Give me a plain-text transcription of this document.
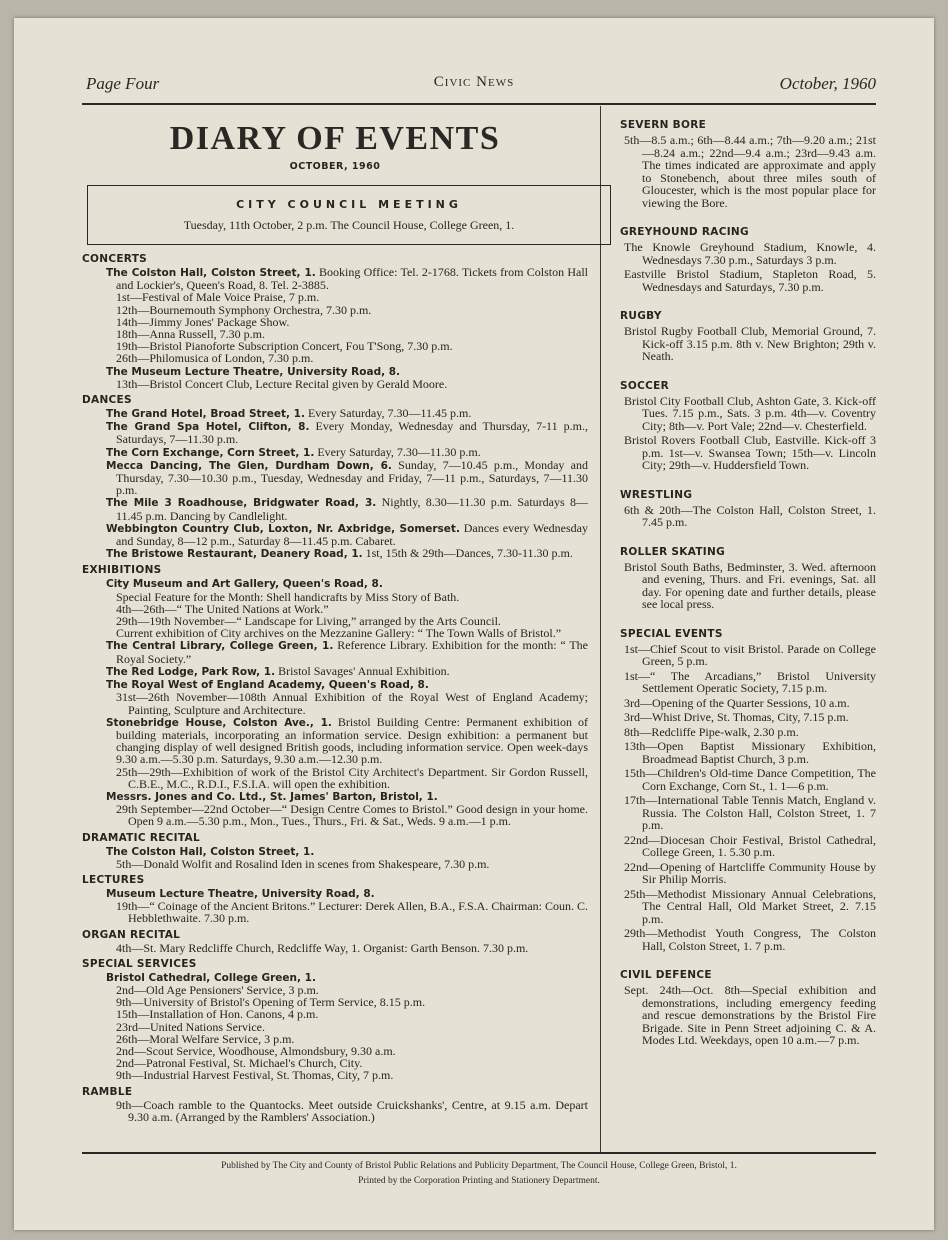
Page Four	Civic News	October, 1960
DIARY OF EVENTS
OCTOBER, 1960
CITY COUNCIL MEETING
Tuesday, 11th October, 2 p.m. The Council House, College Green, 1.
CONCERTS
The Colston Hall, Colston Street, 1. Booking Office: Tel. 2-1768. Tickets from Colston Hall and Lockier's, Queen's Road, 8. Tel. 2-3885.
1st—Festival of Male Voice Praise, 7 p.m.
12th—Bournemouth Symphony Orchestra, 7.30 p.m.
14th—Jimmy Jones' Package Show.
18th—Anna Russell, 7.30 p.m.
19th—Bristol Pianoforte Subscription Concert, Fou T'Song, 7.30 p.m.
26th—Philomusica of London, 7.30 p.m.
The Museum Lecture Theatre, University Road, 8.
13th—Bristol Concert Club, Lecture Recital given by Gerald Moore.
DANCES
The Grand Hotel, Broad Street, 1. Every Saturday, 7.30—11.45 p.m.
The Grand Spa Hotel, Clifton, 8. Every Monday, Wednesday and Thursday, 7-11 p.m., Saturdays, 7—11.30 p.m.
The Corn Exchange, Corn Street, 1. Every Saturday, 7.30—11.30 p.m.
Mecca Dancing, The Glen, Durdham Down, 6. Sunday, 7—10.45 p.m., Monday and Thursday, 7.30—10.30 p.m., Tuesday, Wednesday and Friday, 7—11 p.m., Saturdays, 7—11.30 p.m.
The Mile 3 Roadhouse, Bridgwater Road, 3. Nightly, 8.30—11.30 p.m. Saturdays 8—11.45 p.m. Dancing by Candlelight.
Webbington Country Club, Loxton, Nr. Axbridge, Somerset. Dances every Wednesday and Sunday, 8—12 p.m., Saturday 8—11.45 p.m. Cabaret.
The Bristowe Restaurant, Deanery Road, 1. 1st, 15th & 29th—Dances, 7.30-11.30 p.m.
EXHIBITIONS
City Museum and Art Gallery, Queen's Road, 8.
Special Feature for the Month: Shell handicrafts by Miss Story of Bath.
4th—26th—“ The United Nations at Work.”
29th—19th November—“ Landscape for Living,” arranged by the Arts Council.
Current exhibition of City archives on the Mezzanine Gallery: “ The Town Walls of Bristol.”
The Central Library, College Green, 1. Reference Library. Exhibition for the month: “ The Royal Society.”
The Red Lodge, Park Row, 1. Bristol Savages' Annual Exhibition.
The Royal West of England Academy, Queen's Road, 8.
31st—26th November—108th Annual Exhibition of the Royal West of England Academy; Painting, Sculpture and Architecture.
Stonebridge House, Colston Ave., 1. Bristol Building Centre: Permanent exhibition of building materials, incorporating an information service. Design exhibition: a permanent but changing display of well designed British goods, including information service. Open week-days 9.30 a.m.—5.30 p.m. Saturdays, 9.30 a.m.—12.30 p.m.
25th—29th—Exhibition of work of the Bristol City Architect's Department. Sir Gordon Russell, C.B.E., M.C., R.D.I., F.S.I.A. will open the exhibition.
Messrs. Jones and Co. Ltd., St. James' Barton, Bristol, 1.
29th September—22nd October—“ Design Centre Comes to Bristol.” Good design in your home. Open 9 a.m.—5.30 p.m., Mon., Tues., Thurs., Fri. & Sat., Weds. 9 a.m.—1 p.m.
DRAMATIC RECITAL
The Colston Hall, Colston Street, 1.
5th—Donald Wolfit and Rosalind Iden in scenes from Shakespeare, 7.30 p.m.
LECTURES
Museum Lecture Theatre, University Road, 8.
19th—“ Coinage of the Ancient Britons.” Lecturer: Derek Allen, B.A., F.S.A. Chairman: Coun. C. Hebblethwaite. 7.30 p.m.
ORGAN RECITAL
4th—St. Mary Redcliffe Church, Redcliffe Way, 1. Organist: Garth Benson. 7.30 p.m.
SPECIAL SERVICES
Bristol Cathedral, College Green, 1.
2nd—Old Age Pensioners' Service, 3 p.m.
9th—University of Bristol's Opening of Term Service, 8.15 p.m.
15th—Installation of Hon. Canons, 4 p.m.
23rd—United Nations Service.
26th—Moral Welfare Service, 3 p.m.
2nd—Scout Service, Woodhouse, Almondsbury, 9.30 a.m.
2nd—Patronal Festival, St. Michael's Church, City.
9th—Industrial Harvest Festival, St. Thomas, City, 7 p.m.
RAMBLE
9th—Coach ramble to the Quantocks. Meet outside Cruickshanks', Centre, at 9.15 a.m. Depart 9.30 a.m. (Arranged by the Ramblers' Association.)
SEVERN BORE
5th—8.5 a.m.; 6th—8.44 a.m.; 7th—9.20 a.m.; 21st—8.24 a.m.; 22nd—9.4 a.m.; 23rd—9.43 a.m. The times indicated are approximate and apply to Stonebench, about three miles south of Gloucester, which is the most popular place for viewing the Bore.
GREYHOUND RACING
The Knowle Greyhound Stadium, Knowle, 4. Wednesdays 7.30 p.m., Saturdays 3 p.m.
Eastville Bristol Stadium, Stapleton Road, 5. Wednesdays and Saturdays, 7.30 p.m.
RUGBY
Bristol Rugby Football Club, Memorial Ground, 7. Kick-off 3.15 p.m. 8th v. New Brighton; 29th v. Neath.
SOCCER
Bristol City Football Club, Ashton Gate, 3. Kick-off Tues. 7.15 p.m., Sats. 3 p.m. 4th—v. Coventry City; 8th—v. Port Vale; 22nd—v. Chesterfield.
Bristol Rovers Football Club, Eastville. Kick-off 3 p.m. 1st—v. Swansea Town; 15th—v. Lincoln City; 29th—v. Huddersfield Town.
WRESTLING
6th & 20th—The Colston Hall, Colston Street, 1. 7.45 p.m.
ROLLER SKATING
Bristol South Baths, Bedminster, 3. Wed. afternoon and evening, Thurs. and Fri. evenings, Sat. all day. For opening date and further details, please see local press.
SPECIAL EVENTS
1st—Chief Scout to visit Bristol. Parade on College Green, 5 p.m.
1st—“ The Arcadians,” Bristol University Settlement Operatic Society, 7.15 p.m.
3rd—Opening of the Quarter Sessions, 10 a.m.
3rd—Whist Drive, St. Thomas, City, 7.15 p.m.
8th—Redcliffe Pipe-walk, 2.30 p.m.
13th—Open Baptist Missionary Exhibition, Broadmead Baptist Church, 3 p.m.
15th—Children's Old-time Dance Competition, The Corn Exchange, Corn St., 1. 1—6 p.m.
17th—International Table Tennis Match, England v. Russia. The Colston Hall, Colston Street, 1. 7 p.m.
22nd—Diocesan Choir Festival, Bristol Cathedral, College Green, 1. 5.30 p.m.
22nd—Opening of Hartcliffe Community House by Sir Philip Morris.
25th—Methodist Missionary Annual Celebrations, The Central Hall, Old Market Street, 2. 7.15 p.m.
29th—Methodist Youth Congress, The Colston Hall, Colston Street, 1. 7 p.m.
CIVIL DEFENCE
Sept. 24th—Oct. 8th—Special exhibition and demonstrations, including emergency feeding and rescue demonstrations by the Bristol Fire Brigade. Site in Penn Street adjoining C. & A. Modes Ltd. Weekdays, open 10 a.m.—7 p.m.
Published by The City and County of Bristol Public Relations and Publicity Department, The Council House, College Green, Bristol, 1.
Printed by the Corporation Printing and Stationery Department.
